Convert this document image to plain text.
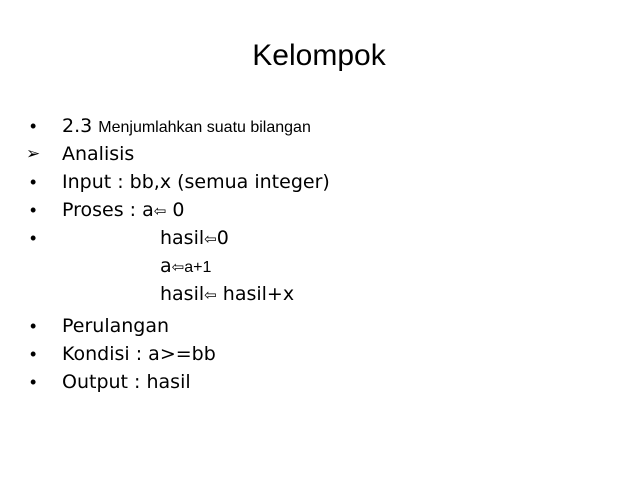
Kelompok
• 2.3 Menjumlahkan suatu bilangan
➢ Analisis
• Input : bb,x (semua integer)
• Proses : a⇦ 0
•	hasil⇦0
a⇦a+1
hasil⇦ hasil+x
• Perulangan
• Kondisi : a>=bb
• Output : hasil
